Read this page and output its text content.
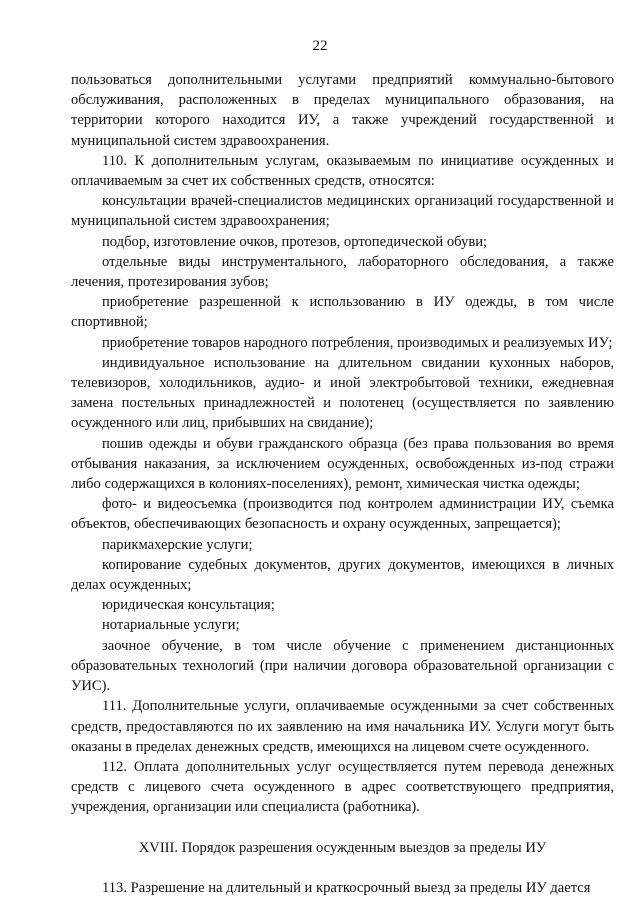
22

пользоваться дополнительными услугами предприятий коммунально-бытового обслуживания, расположенных в пределах муниципального образования, на территории которого находится ИУ, а также учреждений государственной и муниципальной систем здравоохранения.

110. К дополнительным услугам, оказываемым по инициативе осужденных и оплачиваемым за счет их собственных средств, относятся:

консультации врачей-специалистов медицинских организаций государственной и муниципальной систем здравоохранения;

подбор, изготовление очков, протезов, ортопедической обуви;

отдельные виды инструментального, лабораторного обследования, а также лечения, протезирования зубов;

приобретение разрешенной к использованию в ИУ одежды, в том числе спортивной;

приобретение товаров народного потребления, производимых и реализуемых ИУ;

индивидуальное использование на длительном свидании кухонных наборов, телевизоров, холодильников, аудио- и иной электробытовой техники, ежедневная замена постельных принадлежностей и полотенец (осуществляется по заявлению осужденного или лиц, прибывших на свидание);

пошив одежды и обуви гражданского образца (без права пользования во время отбывания наказания, за исключением осужденных, освобожденных из-под стражи либо содержащихся в колониях-поселениях), ремонт, химическая чистка одежды;

фото- и видеосъемка (производится под контролем администрации ИУ, съемка объектов, обеспечивающих безопасность и охрану осужденных, запрещается);

парикмахерские услуги;

копирование судебных документов, других документов, имеющихся в личных делах осужденных;

юридическая консультация;

нотариальные услуги;

заочное обучение, в том числе обучение с применением дистанционных образовательных технологий (при наличии договора образовательной организации с УИС).

111. Дополнительные услуги, оплачиваемые осужденными за счет собственных средств, предоставляются по их заявлению на имя начальника ИУ. Услуги могут быть оказаны в пределах денежных средств, имеющихся на лицевом счете осужденного.

112. Оплата дополнительных услуг осуществляется путем перевода денежных средств с лицевого счета осужденного в адрес соответствующего предприятия, учреждения, организации или специалиста (работника).

XVIII. Порядок разрешения осужденным выездов за пределы ИУ

113. Разрешение на длительный и краткосрочный выезд за пределы ИУ дается
